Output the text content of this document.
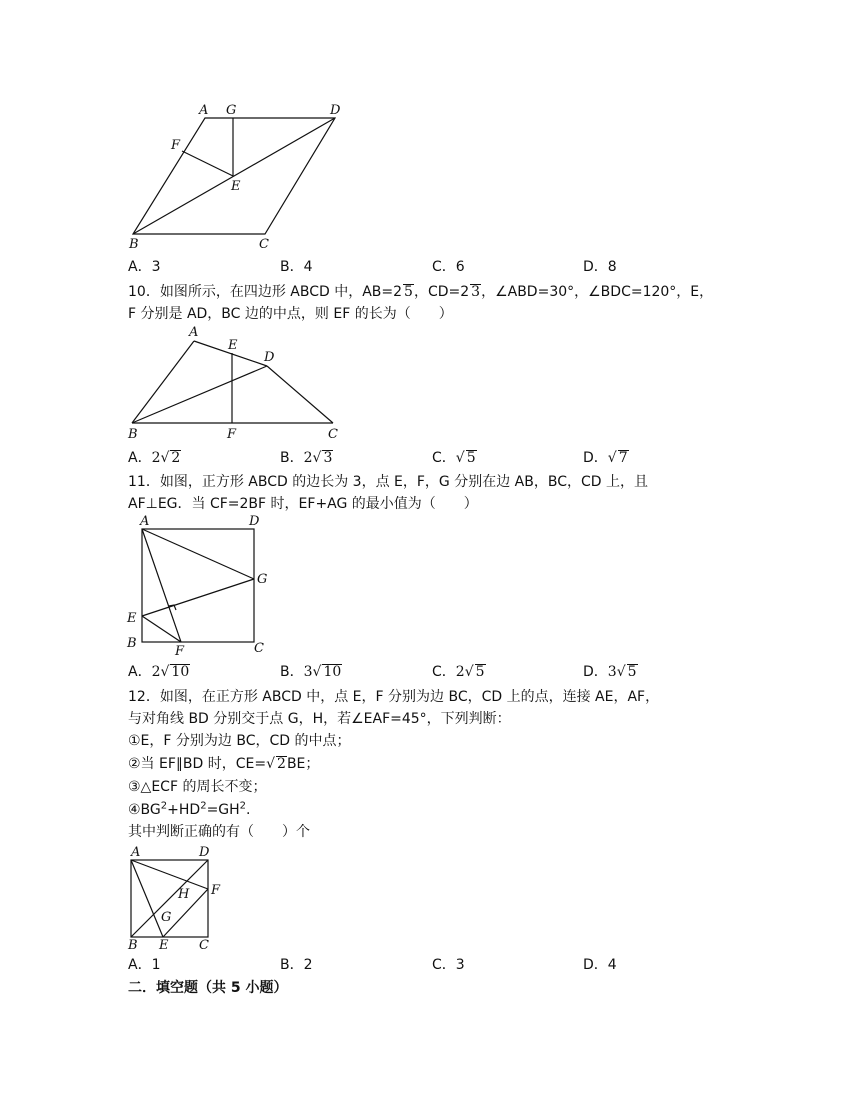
A G	D
F
E
B	C
A．3	B．4	C．6	D．8
10．如图所示，在四边形 ABCD 中，AB=2 5，CD=2 3，∠ABD=30°，∠BDC=120°，E，
F 分别是 AD，BC 边的中点，则 EF 的长为（　　）
A
E
D
B	F	C
A．2√ 2	B．2√ 3	C．√ 5	D．√ 7
11．如图，正方形 ABCD 的边长为 3，点 E，F，G 分别在边 AB，BC，CD 上，且
AF⊥EG．当 CF=2BF 时，EF+AG 的最小值为（　　）
A	D
G
E
B
F	C
A．2√ 10	B．3√ 10	C．2√ 5	D．3√ 5
12．如图，在正方形 ABCD 中，点 E，F 分别为边 BC，CD 上的点，连接 AE，AF，
与对角线 BD 分别交于点 G，H，若∠EAF=45°，下列判断：
①E，F 分别为边 BC，CD 的中点；
②当 EF∥BD 时，CE=√ 2BE；
③△ECF 的周长不变；
$④BG^2+HD^2=GH^2$.
其中判断正确的有（　　）个
A	D
F
H
G
B E C
A．1	B．2	C．3	D．4
二．填空题（共 5 小题）
